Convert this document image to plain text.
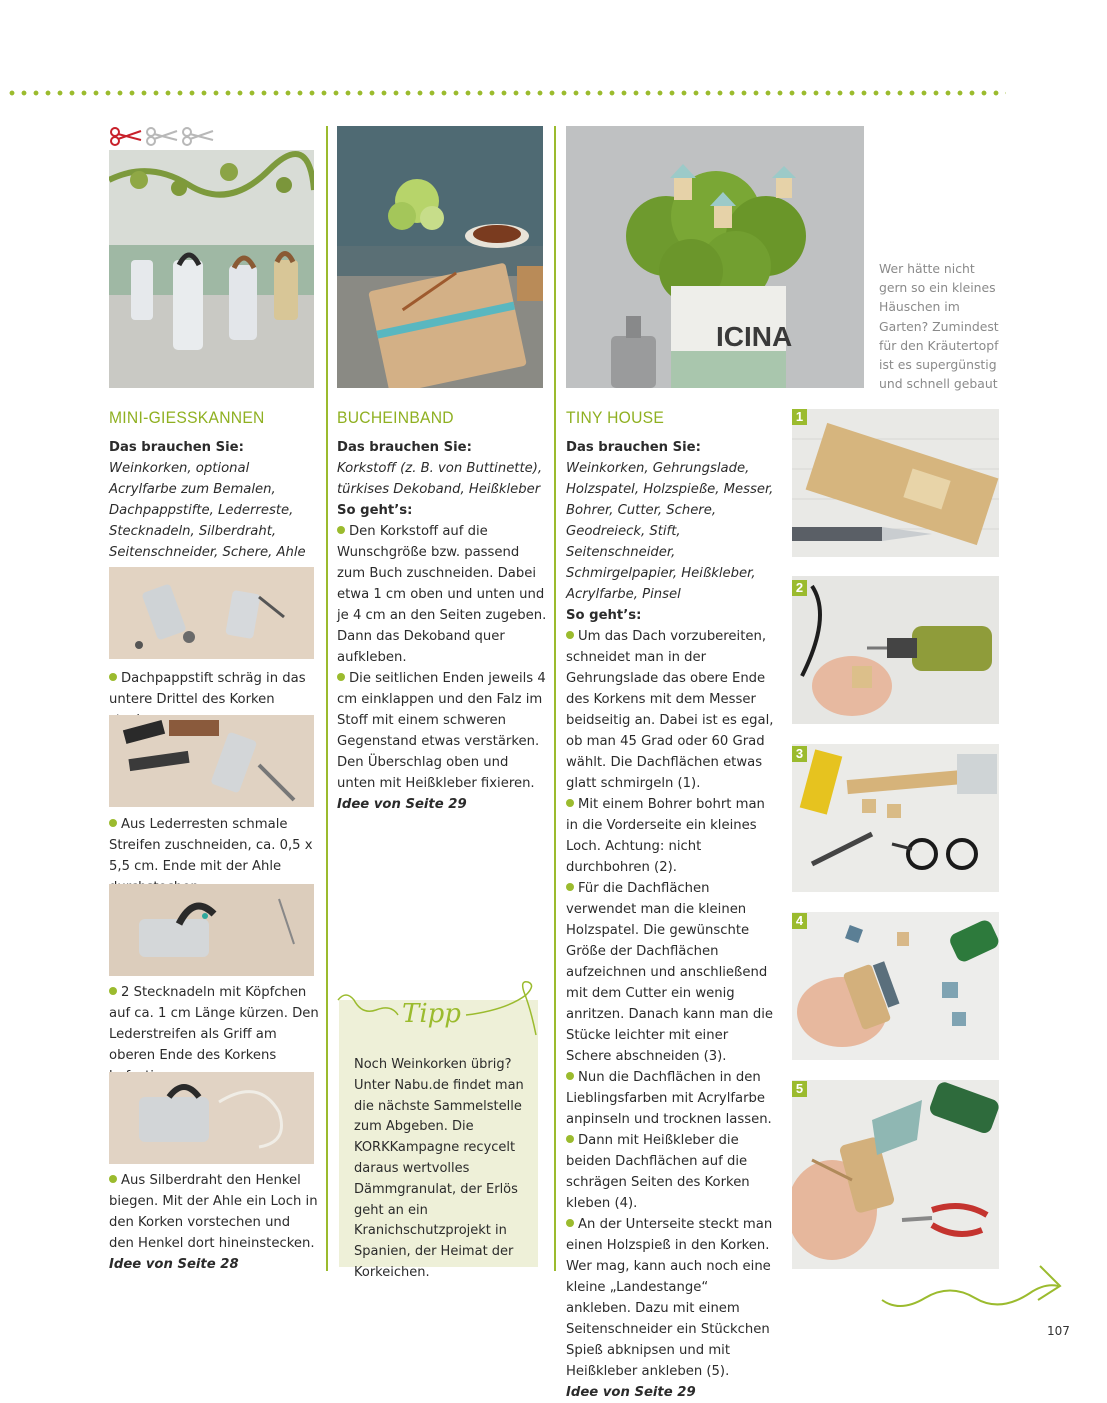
ICINA
Wer hätte nicht gern so ein kleines Häuschen im Garten? Zumindest für den Kräutertopf ist es supergünstig und schnell gebaut
MINI-GIESSKANNEN	BUCHEINBAND	TINY HOUSE

Das brauchen Sie:

Weinkorken, optional Acrylfarbe zum Bemalen, Dachpappstifte, Lederreste, Stecknadeln, Silberdraht, Seitenschneider, Schere, Ahle

Dachpappstift schräg in das untere Drittel des Korken

Aus Lederresten schmale Streifen zuschneiden, ca. 0,5 x 5,5 cm. Ende mit der Ahle

2 Stecknadeln mit Köpfchen auf ca. 1 cm Länge kürzen. Den Lederstreifen als Griff am oberen Ende des Korkens

Aus Silberdraht den Henkel biegen. Mit der Ahle ein Loch in den Korken vorstechen und den Henkel dort hineinstecken.

Idee von Seite 28

Das brauchen Sie:

Korkstoff (z. B. von Buttinette), türkises Dekoband, Heißkleber

So geht’s:

Den Korkstoff auf die Wunschgröße bzw. passend zum Buch zuschneiden. Dabei etwa 1 cm oben und unten und je 4 cm an den Seiten zugeben. Dann das Dekoband quer aufkleben.

Die seitlichen Enden jeweils 4 cm einklappen und den Falz im Stoff mit einem schweren Gegenstand etwas verstärken. Den Überschlag oben und unten mit Heißkleber fixieren.

Idee von Seite 29

Tipp
Noch Weinkorken übrig? Unter Nabu.de findet man die nächste Sammelstelle zum Abgeben. Die KORKKampagne recycelt daraus wertvolles Dämmgranulat, der Erlös geht an ein Kranichschutzprojekt in Spanien, der Heimat der Korkeichen.

Das brauchen Sie:

Weinkorken, Gehrungslade, Holzspatel, Holzspieße, Messer, Bohrer, Cutter, Schere, Geodreieck, Stift, Seitenschneider, Schmirgelpapier, Heißkleber, Acrylfarbe, Pinsel

So geht’s:

Um das Dach vorzubereiten, schneidet man in der Gehrungslade das obere Ende des Korkens mit dem Messer beidseitig an. Dabei ist es egal, ob man 45 Grad oder 60 Grad wählt. Die Dachflächen etwas glatt schmirgeln (1).

Mit einem Bohrer bohrt man in die Vorderseite ein kleines Loch. Achtung: nicht durchbohren (2).

Für die Dachflächen verwendet man die kleinen Holzspatel. Die gewünschte Größe der Dachflächen aufzeichnen und anschließend mit dem Cutter ein wenig anritzen. Danach kann man die Stücke leichter mit einer Schere abschneiden (3).

Nun die Dachflächen in den Lieblingsfarben mit Acrylfarbe anpinseln und trocknen lassen.

Dann mit Heißkleber die beiden Dachflächen auf die schrägen Seiten des Korken kleben (4).

An der Unterseite steckt man einen Holzspieß in den Korken. Wer mag, kann auch noch eine kleine „Landestange“ ankleben. Dazu mit einem Seitenschneider ein Stückchen Spieß abknipsen und mit Heißkleber ankleben (5).

Idee von Seite 29

1
2
3
4
5
107
